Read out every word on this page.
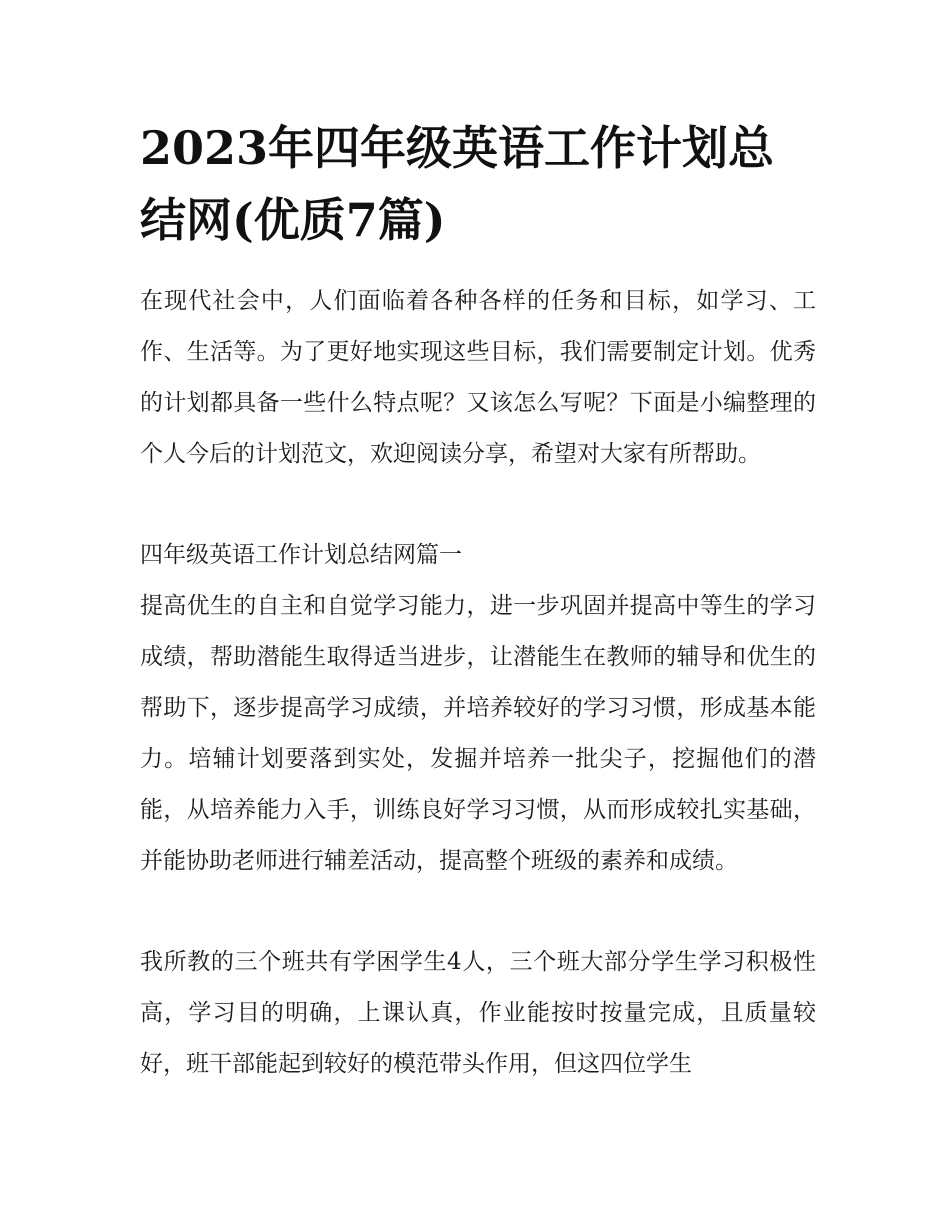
2023年四年级英语工作计划总结网(优质7篇)

在现代社会中，人们面临着各种各样的任务和目标，如学习、工作、生活等。为了更好地实现这些目标，我们需要制定计划。优秀的计划都具备一些什么特点呢？又该怎么写呢？下面是小编整理的个人今后的计划范文，欢迎阅读分享，希望对大家有所帮助。

四年级英语工作计划总结网篇一

提高优生的自主和自觉学习能力，进一步巩固并提高中等生的学习成绩，帮助潜能生取得适当进步，让潜能生在教师的辅导和优生的帮助下，逐步提高学习成绩，并培养较好的学习习惯，形成基本能力。培辅计划要落到实处，发掘并培养一批尖子，挖掘他们的潜能，从培养能力入手，训练良好学习习惯，从而形成较扎实基础，并能协助老师进行辅差活动，提高整个班级的素养和成绩。

我所教的三个班共有学困学生4人，三个班大部分学生学习积极性高，学习目的明确，上课认真，作业能按时按量完成，且质量较好，班干部能起到较好的模范带头作用，但这四位学生
